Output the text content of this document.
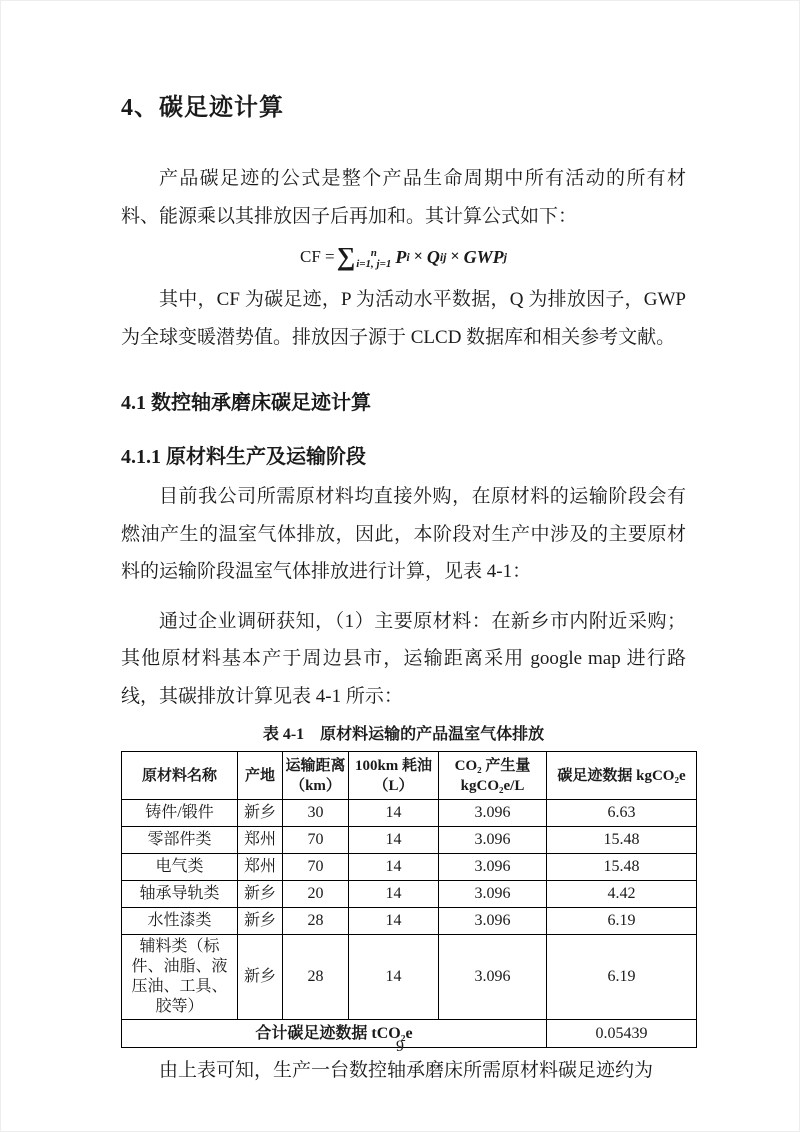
4、碳足迹计算

产品碳足迹的公式是整个产品生命周期中所有活动的所有材料、能源乘以其排放因子后再加和。其计算公式如下：

CF = ∑	n
i=1, j=1 P i × Q ij × GWP j

其中，CF 为碳足迹，P 为活动水平数据，Q 为排放因子，GWP 为全球变暖潜势值。排放因子源于 CLCD 数据库和相关参考文献。

4.1 数控轴承磨床碳足迹计算
4.1.1 原材料生产及运输阶段

目前我公司所需原材料均直接外购，在原材料的运输阶段会有燃油产生的温室气体排放，因此，本阶段对生产中涉及的主要原材料的运输阶段温室气体排放进行计算，见表 4-1：

通过企业调研获知，（1）主要原材料：在新乡市内附近采购；其他原材料基本产于周边县市，运输距离采用 google map 进行路线，其碳排放计算见表 4-1 所示：

表 4-1　原材料运输的产品温室气体排放
原材料名称	产地	运输距离（km）	100km 耗油（L）	CO₂ 产生量 kgCO₂e/L	碳足迹数据 kgCO₂e
铸件/锻件	新乡	30	14	3.096	6.63
零部件类	郑州	70	14	3.096	15.48
电气类	郑州	70	14	3.096	15.48
轴承导轨类	新乡	20	14	3.096	4.42
水性漆类	新乡	28	14	3.096	6.19
辅料类（标件、油脂、液压油、工具、胶等）	新乡	28	14	3.096	6.19
合计碳足迹数据 tCO₂e					0.05439

由上表可知，生产一台数控轴承磨床所需原材料碳足迹约为

9
